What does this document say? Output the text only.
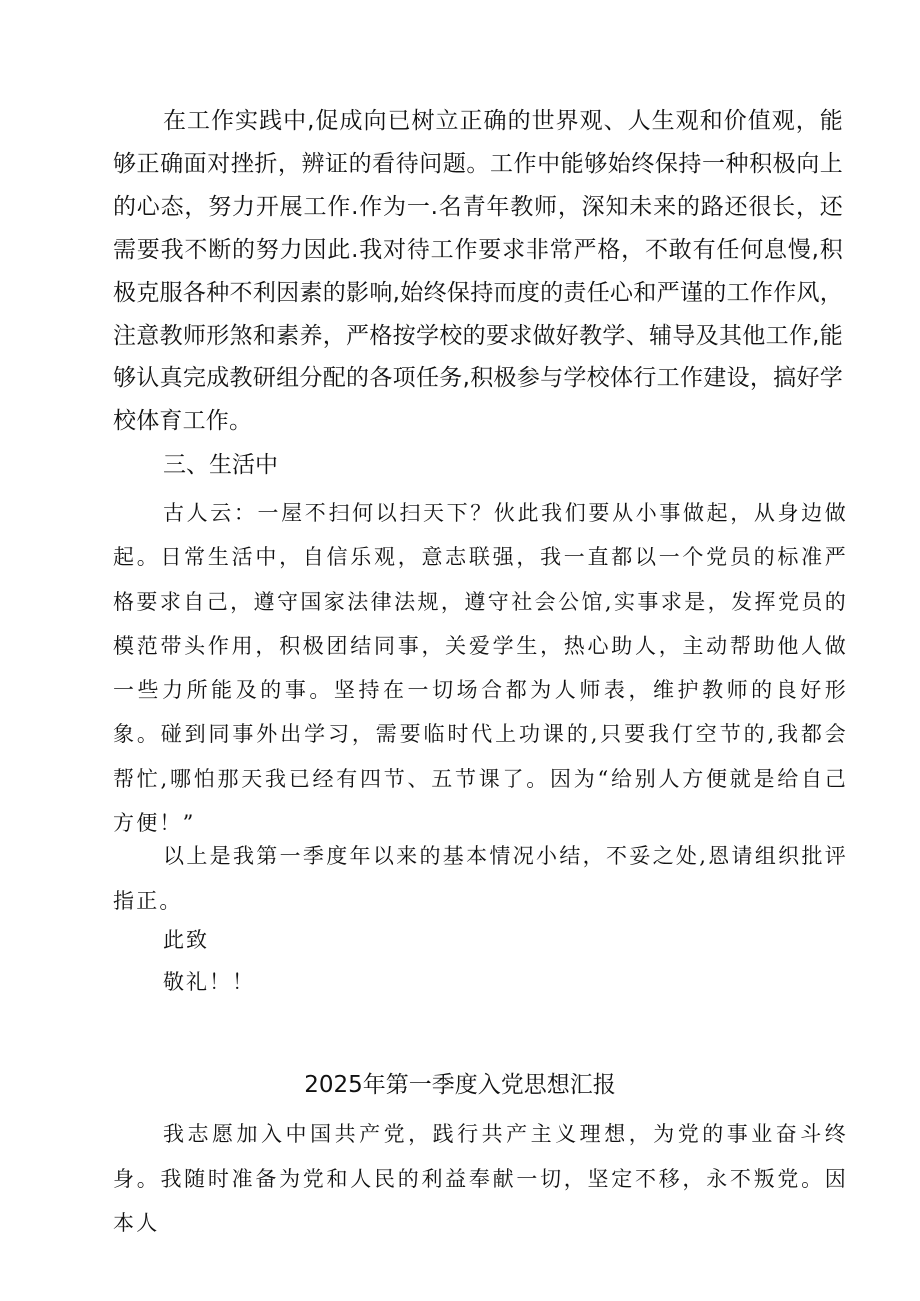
在工作实践中,促成向已树立正确的世界观、人生观和价值观，能够正确面对挫折，辨证的看待问题。工作中能够始终保持一种积极向上的心态，努力开展工作.作为一.名青年教师，深知未来的路还很长，还需要我不断的努力因此.我对待工作要求非常严格，不敢有任何息慢,积极克服各种不利因素的影响,始终保持而度的责任心和严谨的工作作风，注意教师形煞和素养，严格按学校的要求做好教学、辅导及其他工作,能够认真完成教研组分配的各项任务,积极参与学校体行工作建设，搞好学校体育工作。

三、生活中

古人云：一屋不扫何以扫天下？伙此我们要从小事做起，从身边做起。日常生活中，自信乐观，意志联强，我一直都以一个党员的标准严格要求自己，遵守国家法律法规，遵守社会公馆,实事求是，发挥党员的模范带头作用，积极团结同事，关爱学生，热心助人，主动帮助他人做一些力所能及的事。坚持在一切场合都为人师表，维护教师的良好形象。碰到同事外出学习，需要临时代上功课的,只要我仃空节的,我都会帮忙,哪怕那天我已经有四节、五节课了。因为“给别人方便就是给自己方便！”

以上是我第一季度年以来的基本情况小结，不妥之处,恩请组织批评指正。

此致

敬礼！！

2025年第一季度入党思想汇报

我志愿加入中国共产党，践行共产主义理想，为党的事业奋斗终身。我随时准备为党和人民的利益奉献一切，坚定不移，永不叛党。因本人
